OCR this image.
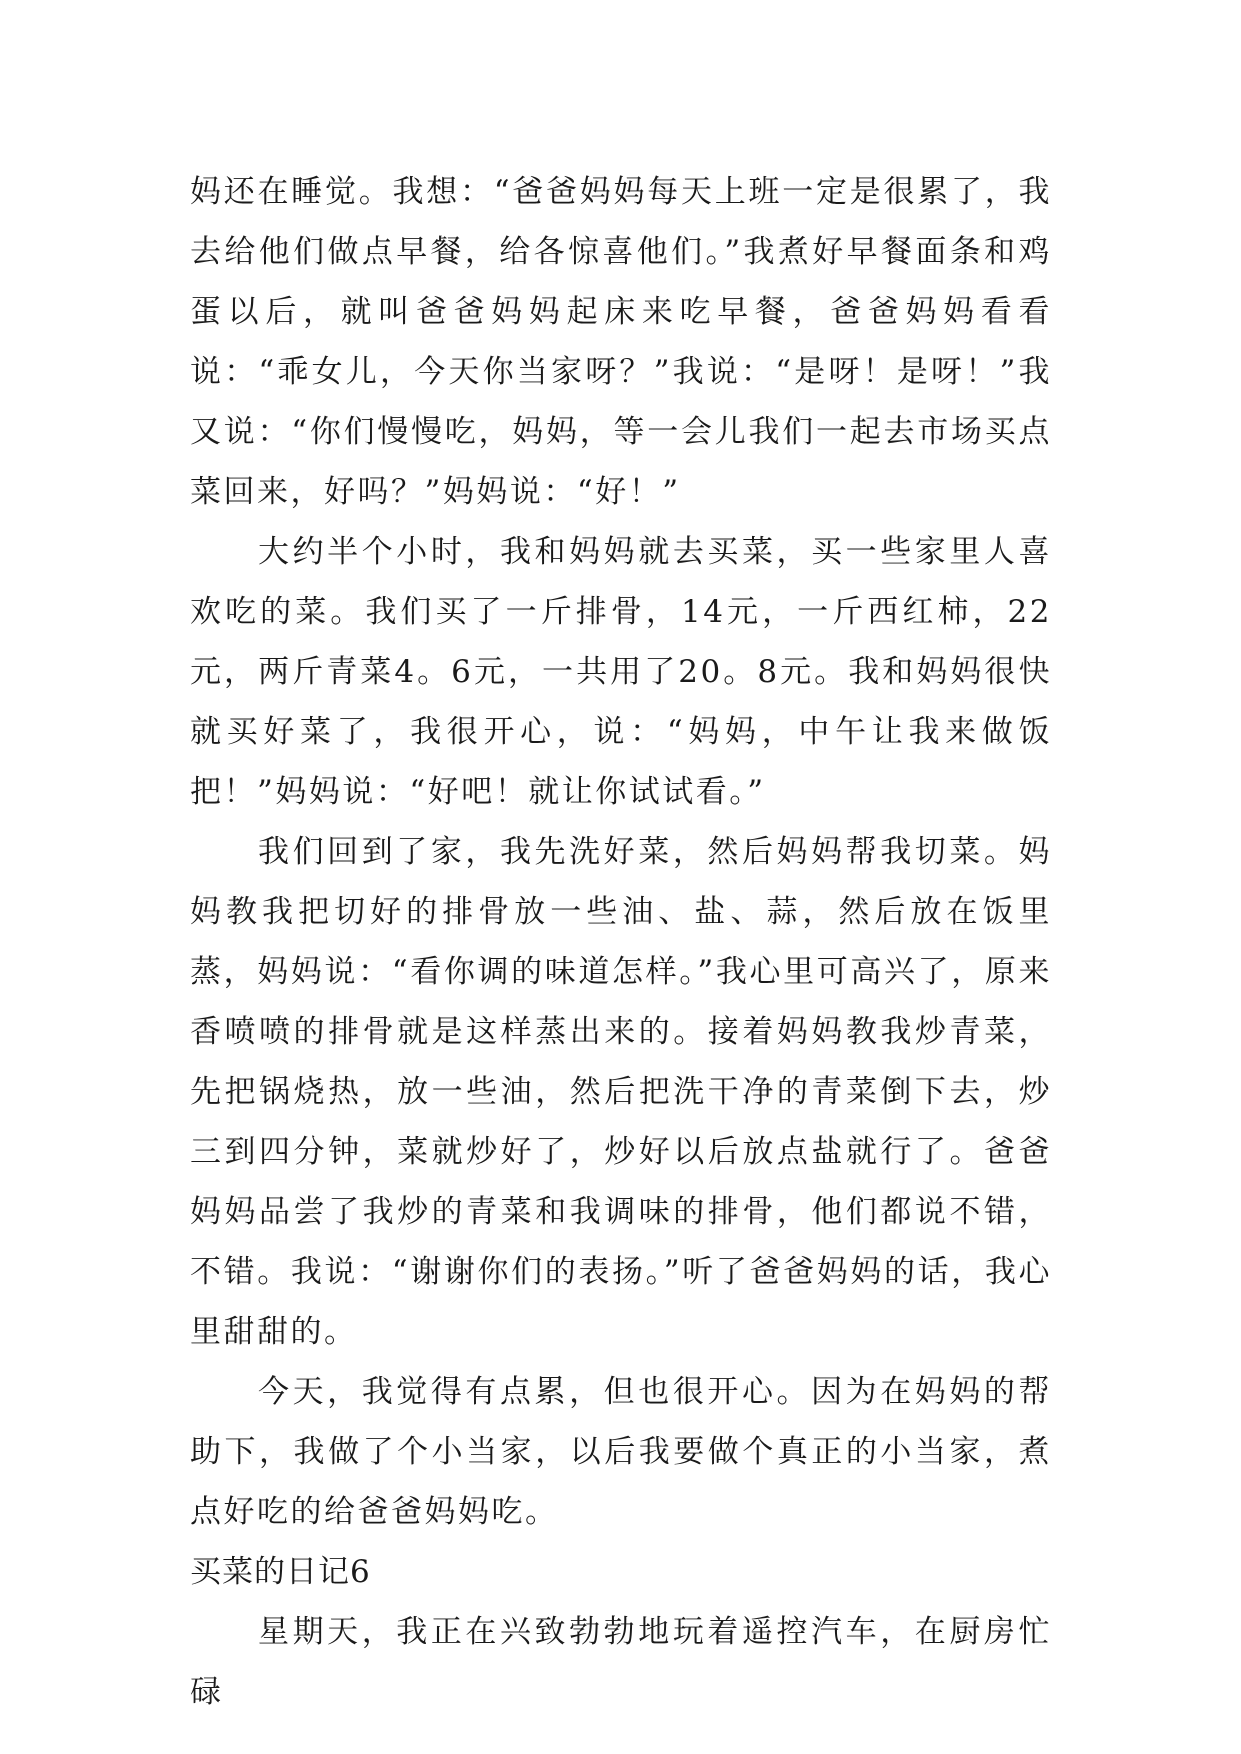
妈还在睡觉。我想：“爸爸妈妈每天上班一定是很累了，我去给他们做点早餐，给各惊喜他们。”我煮好早餐面条和鸡蛋以后，就叫爸爸妈妈起床来吃早餐，爸爸妈妈看看说：“乖女儿，今天你当家呀？”我说：“是呀！是呀！”我又说：“你们慢慢吃，妈妈，等一会儿我们一起去市场买点菜回来，好吗？”妈妈说：“好！”

大约半个小时，我和妈妈就去买菜，买一些家里人喜欢吃的菜。我们买了一斤排骨，14元，一斤西红柿，22元，两斤青菜4。6元，一共用了20。8元。我和妈妈很快就买好菜了，我很开心，说：“妈妈，中午让我来做饭把！”妈妈说：“好吧！就让你试试看。”

我们回到了家，我先洗好菜，然后妈妈帮我切菜。妈妈教我把切好的排骨放一些油、盐、蒜，然后放在饭里蒸，妈妈说：“看你调的味道怎样。”我心里可高兴了，原来香喷喷的排骨就是这样蒸出来的。接着妈妈教我炒青菜，先把锅烧热，放一些油，然后把洗干净的青菜倒下去，炒三到四分钟，菜就炒好了，炒好以后放点盐就行了。爸爸妈妈品尝了我炒的青菜和我调味的排骨，他们都说不错，不错。我说：“谢谢你们的表扬。”听了爸爸妈妈的话，我心里甜甜的。

今天，我觉得有点累，但也很开心。因为在妈妈的帮助下，我做了个小当家，以后我要做个真正的小当家，煮点好吃的给爸爸妈妈吃。

买菜的日记6

星期天，我正在兴致勃勃地玩着遥控汽车，在厨房忙碌
